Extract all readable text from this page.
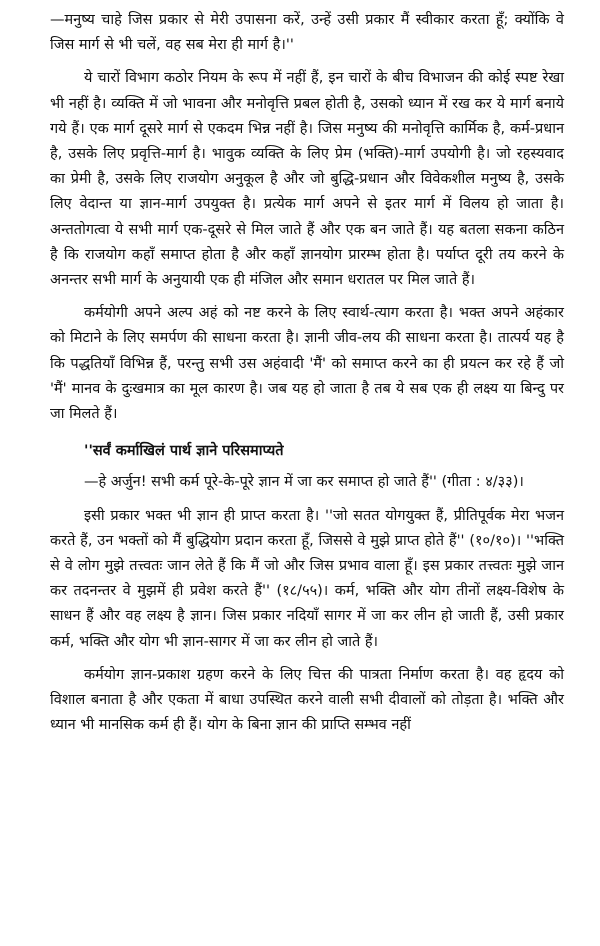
—मनुष्य चाहे जिस प्रकार से मेरी उपासना करें, उन्हें उसी प्रकार मैं स्वीकार करता हूँ; क्योंकि वे जिस मार्ग से भी चलें, वह सब मेरा ही मार्ग है।''

ये चारों विभाग कठोर नियम के रूप में नहीं हैं, इन चारों के बीच विभाजन की कोई स्पष्ट रेखा भी नहीं है। व्यक्ति में जो भावना और मनोवृत्ति प्रबल होती है, उसको ध्यान में रख कर ये मार्ग बनाये गये हैं। एक मार्ग दूसरे मार्ग से एकदम भिन्न नहीं है। जिस मनुष्य की मनोवृत्ति कार्मिक है, कर्म-प्रधान है, उसके लिए प्रवृत्ति-मार्ग है। भावुक व्यक्ति के लिए प्रेम (भक्ति)-मार्ग उपयोगी है। जो रहस्यवाद का प्रेमी है, उसके लिए राजयोग अनुकूल है और जो बुद्धि-प्रधान और विवेकशील मनुष्य है, उसके लिए वेदान्त या ज्ञान-मार्ग उपयुक्त है। प्रत्येक मार्ग अपने से इतर मार्ग में विलय हो जाता है। अन्ततोगत्वा ये सभी मार्ग एक-दूसरे से मिल जाते हैं और एक बन जाते हैं। यह बतला सकना कठिन है कि राजयोग कहाँ समाप्त होता है और कहाँ ज्ञानयोग प्रारम्भ होता है। पर्याप्त दूरी तय करने के अनन्तर सभी मार्ग के अनुयायी एक ही मंजिल और समान धरातल पर मिल जाते हैं।

कर्मयोगी अपने अल्प अहं को नष्ट करने के लिए स्वार्थ-त्याग करता है। भक्त अपने अहंकार को मिटाने के लिए समर्पण की साधना करता है। ज्ञानी जीव-लय की साधना करता है। तात्पर्य यह है कि पद्धतियाँ विभिन्न हैं, परन्तु सभी उस अहंवादी 'मैं' को समाप्त करने का ही प्रयत्न कर रहे हैं जो 'मैं' मानव के दुःखमात्र का मूल कारण है। जब यह हो जाता है तब ये सब एक ही लक्ष्य या बिन्दु पर जा मिलते हैं।

''सर्वं कर्माखिलं पार्थ ज्ञाने परिसमाप्यते

—हे अर्जुन! सभी कर्म पूरे-के-पूरे ज्ञान में जा कर समाप्त हो जाते हैं'' (गीता : ४/३३)।

इसी प्रकार भक्त भी ज्ञान ही प्राप्त करता है। ''जो सतत योगयुक्त हैं, प्रीतिपूर्वक मेरा भजन करते हैं, उन भक्तों को मैं बुद्धियोग प्रदान करता हूँ, जिससे वे मुझे प्राप्त होते हैं'' (१०/१०)। ''भक्ति से वे लोग मुझे तत्त्वतः जान लेते हैं कि मैं जो और जिस प्रभाव वाला हूँ। इस प्रकार तत्त्वतः मुझे जान कर तदनन्तर वे मुझमें ही प्रवेश करते हैं'' (१८/५५)। कर्म, भक्ति और योग तीनों लक्ष्य-विशेष के साधन हैं और वह लक्ष्य है ज्ञान। जिस प्रकार नदियाँ सागर में जा कर लीन हो जाती हैं, उसी प्रकार कर्म, भक्ति और योग भी ज्ञान-सागर में जा कर लीन हो जाते हैं।

कर्मयोग ज्ञान-प्रकाश ग्रहण करने के लिए चित्त की पात्रता निर्माण करता है। वह हृदय को विशाल बनाता है और एकता में बाधा उपस्थित करने वाली सभी दीवालों को तोड़ता है। भक्ति और ध्यान भी मानसिक कर्म ही हैं। योग के बिना ज्ञान की प्राप्ति सम्भव नहीं
